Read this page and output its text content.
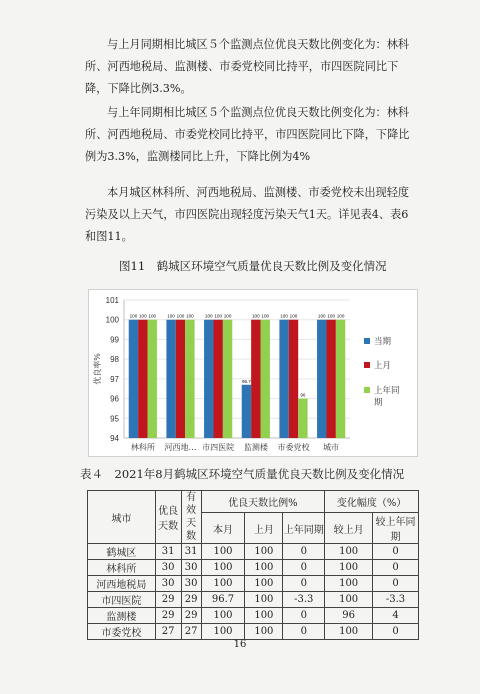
与上月同期相比城区５个监测点位优良天数比例变化为：林科所、河西地税局、监测楼、市委党校同比持平，市四医院同比下降，下降比例3.3%。

与上年同期相比城区５个监测点位优良天数比例变化为：林科所、河西地税局、市委党校同比持平，市四医院同比下降，下降比例为3.3%，监测楼同比上升，下降比例为4%

本月城区林科所、河西地税局、监测楼、市委党校未出现轻度污染及以上天气，市四医院出现轻度污染天气1天。详见表4、表6和图11。

图11　鹤城区环境空气质量优良天数比例及变化情况

94
95
96
97
98
99
100
101
优良率%
100 100 100
林科所
100 100 100
河西地…
100 100 100
市四医院
96.7
100 100
监测楼
100 100
96
市委党校
100 100 100
城市
当期
上月
上年同
期

表４　2021年8月鹤城区环境空气质量优良天数比例及变化情况

城市	优良天数	有效天数	优良天数比例%			变化幅度（%）	
			本月	上月	上年同期	较上月	较上年同期
鹤城区	31	31	100	100	0	100	0
林科所	30	30	100	100	0	100	0
河西地税局	30	30	100	100	0	100	0
市四医院	29	29	96.7	100	-3.3	100	-3.3
监测楼	29	29	100	100	0	96	4
市委党校	27	27	100	100	0	100	0
16
